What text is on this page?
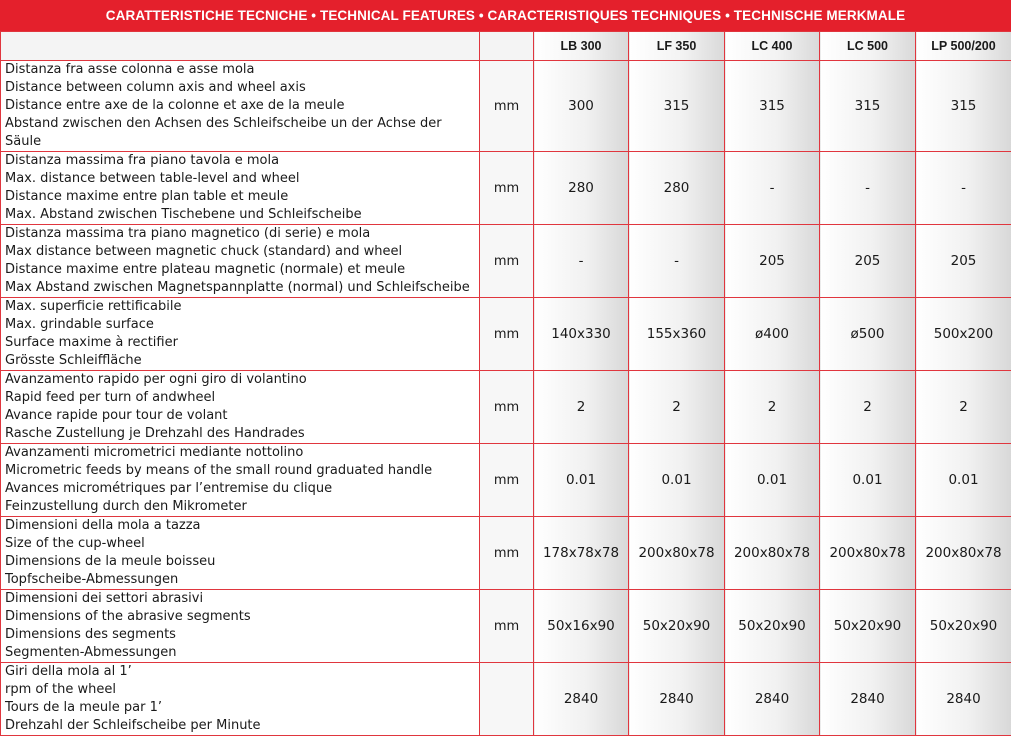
CARATTERISTICHE TECNICHE • TECHNICAL FEATURES • CARACTERISTIQUES TECHNIQUES • TECHNISCHE MERKMALE
		LB 300	LF 350	LC 400	LC 500	LP 500/200

Distanza fra asse colonna e asse mola
Distance between column axis and wheel axis
Distance entre axe de la colonne et axe de la meule
Abstand zwischen den Achsen des Schleifscheibe un der Achse der
Säule	mm	300	315	315	315	315

Distanza massima fra piano tavola e mola
Max. distance between table-level and wheel
Distance maxime entre plan table et meule
Max. Abstand zwischen Tischebene und Schleifscheibe	mm	280	280	-	-	-

Distanza massima tra piano magnetico (di serie) e mola
Max distance between magnetic chuck (standard) and wheel
Distance maxime entre plateau magnetic (normale) et meule
Max Abstand zwischen Magnetspannplatte (normal) und Schleifscheibe	mm	-	-	205	205	205

Max. superficie rettificabile
Max. grindable surface
Surface maxime à rectifier
Grösste Schleiffläche	mm	140x330	155x360	ø400	ø500	500x200

Avanzamento rapido per ogni giro di volantino
Rapid feed per turn of andwheel
Avance rapide pour tour de volant
Rasche Zustellung je Drehzahl des Handrades	mm	2	2	2	2	2

Avanzamenti micrometrici mediante nottolino
Micrometric feeds by means of the small round graduated handle
Avances micrométriques par l’entremise du clique
Feinzustellung durch den Mikrometer	mm	0.01	0.01	0.01	0.01	0.01

Dimensioni della mola a tazza
Size of the cup-wheel
Dimensions de la meule boisseu
Topfscheibe-Abmessungen	mm	178x78x78	200x80x78	200x80x78	200x80x78	200x80x78

Dimensioni dei settori abrasivi
Dimensions of the abrasive segments
Dimensions des segments
Segmenten-Abmessungen	mm	50x16x90	50x20x90	50x20x90	50x20x90	50x20x90

Giri della mola al 1’
rpm of the wheel
Tours de la meule par 1’
Drehzahl der Schleifscheibe per Minute		2840	2840	2840	2840	2840
